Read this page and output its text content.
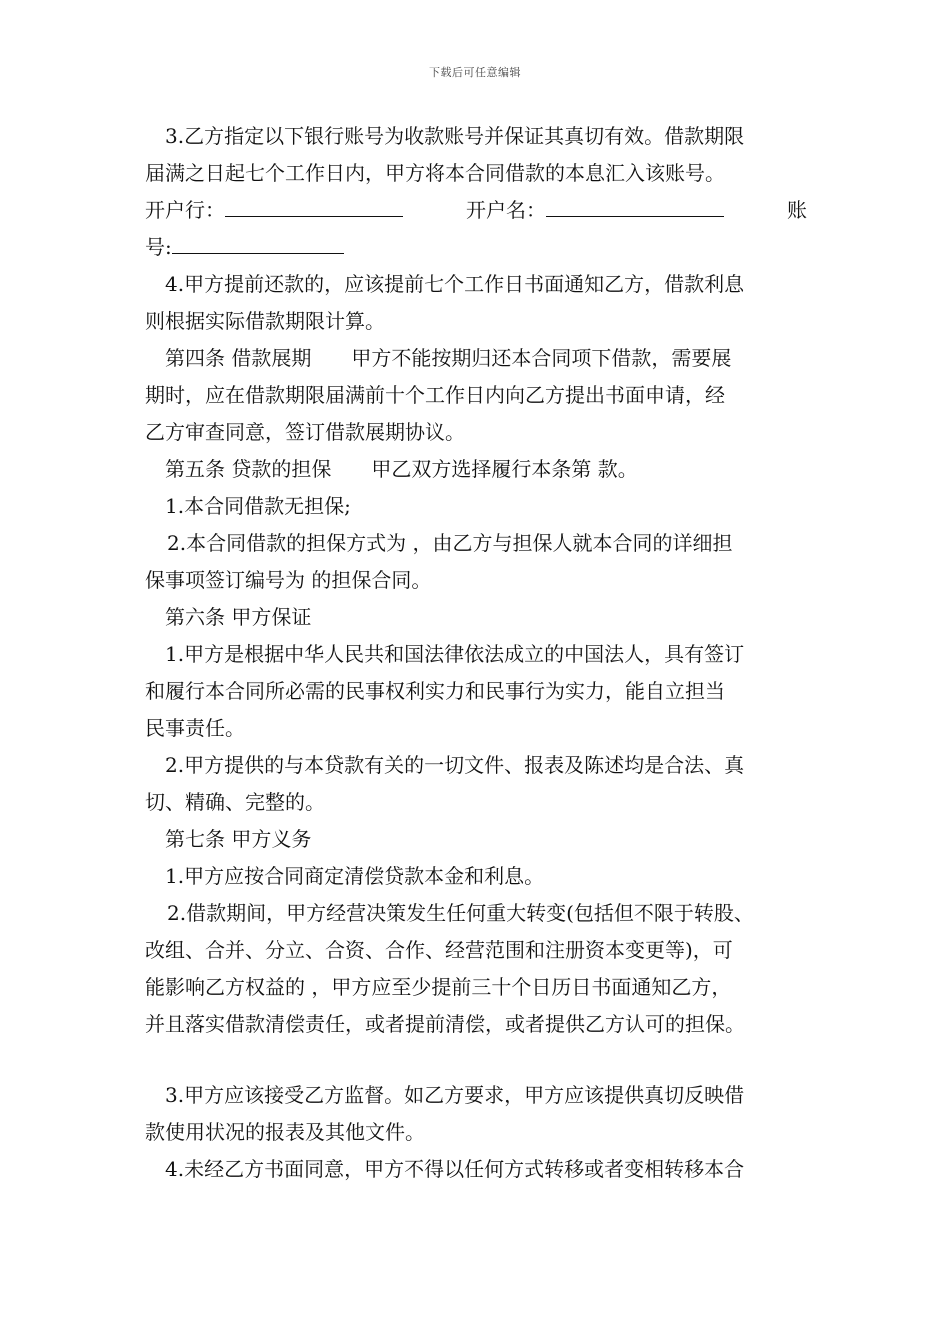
下载后可任意编辑

3.乙方指定以下银行账号为收款账号并保证其真切有效。借款期限

届满之日起七个工作日内，甲方将本合同借款的本息汇入该账号。

开户行：	开户名：	账

号:

4.甲方提前还款的，应该提前七个工作日书面通知乙方，借款利息

则根据实际借款期限计算。

第四条 借款展期　　甲方不能按期归还本合同项下借款，需要展

期时，应在借款期限届满前十个工作日内向乙方提出书面申请，经

乙方审查同意，签订借款展期协议。

第五条 贷款的担保　　甲乙双方选择履行本条第 款。

1.本合同借款无担保;

2.本合同借款的担保方式为 ，由乙方与担保人就本合同的详细担

保事项签订编号为 的担保合同。

第六条 甲方保证

1.甲方是根据中华人民共和国法律依法成立的中国法人，具有签订

和履行本合同所必需的民事权利实力和民事行为实力，能自立担当

民事责任。

2.甲方提供的与本贷款有关的一切文件、报表及陈述均是合法、真

切、精确、完整的。

第七条 甲方义务

1.甲方应按合同商定清偿贷款本金和利息。

2.借款期间，甲方经营决策发生任何重大转变(包括但不限于转股、

改组、合并、分立、合资、合作、经营范围和注册资本变更等)，可

能影响乙方权益的 ，甲方应至少提前三十个日历日书面通知乙方，

并且落实借款清偿责任，或者提前清偿，或者提供乙方认可的担保。

3.甲方应该接受乙方监督。如乙方要求，甲方应该提供真切反映借

款使用状况的报表及其他文件。

4.未经乙方书面同意，甲方不得以任何方式转移或者变相转移本合
